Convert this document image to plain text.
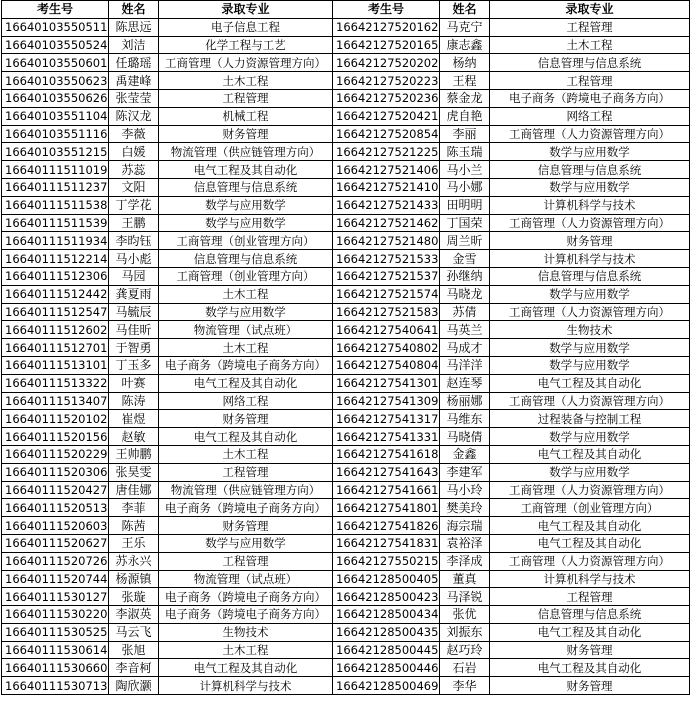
考生号	姓名	录取专业	考生号	姓名	录取专业
16640103550511	陈思远	电子信息工程	16642127520162	马克宁	工程管理
16640103550524	刘洁	化学工程与工艺	16642127520165	康志鑫	土木工程
16640103550601	任璐瑶	工商管理（人力资源管理方向）	16642127520202	杨纳	信息管理与信息系统
16640103550623	禹建峰	土木工程	16642127520223	王程	工程管理
16640103550626	张莹莹	工程管理	16642127520236	蔡金龙	电子商务（跨境电子商务方向）
16640103551104	陈汉龙	机械工程	16642127520421	虎自艳	网络工程
16640103551116	李薇	财务管理	16642127520854	李丽	工商管理（人力资源管理方向）
16640103551215	白媛	物流管理（供应链管理方向）	16642127521225	陈玉瑞	数学与应用数学
16640111511019	苏蕊	电气工程及其自动化	16642127521406	马小兰	信息管理与信息系统
16640111511237	文阳	信息管理与信息系统	16642127521410	马小娜	数学与应用数学
16640111511538	丁学花	数学与应用数学	16642127521433	田明明	计算机科学与技术
16640111511539	王鹏	数学与应用数学	16642127521462	丁国荣	工商管理（人力资源管理方向）
16640111511934	李昀钰	工商管理（创业管理方向）	16642127521480	周兰昕	财务管理
16640111512214	马小彪	信息管理与信息系统	16642127521533	金雪	计算机科学与技术
16640111512306	马园	工商管理（创业管理方向）	16642127521537	孙继纳	信息管理与信息系统
16640111512442	龚夏雨	土木工程	16642127521574	马晓龙	数学与应用数学
16640111512547	马毓辰	数学与应用数学	16642127521583	苏倩	工商管理（人力资源管理方向）
16640111512602	马佳昕	物流管理（试点班）	16642127540641	马英兰	生物技术
16640111512701	于智勇	土木工程	16642127540802	马成才	数学与应用数学
16640111513101	丁玉多	电子商务（跨境电子商务方向）	16642127540804	马洋洋	数学与应用数学
16640111513322	叶赛	电气工程及其自动化	16642127541301	赵连琴	电气工程及其自动化
16640111513407	陈涛	网络工程	16642127541309	杨丽娜	工商管理（人力资源管理方向）
16640111520102	崔煜	财务管理	16642127541317	马维东	过程装备与控制工程
16640111520156	赵敏	电气工程及其自动化	16642127541331	马晓倩	数学与应用数学
16640111520229	王帅鹏	土木工程	16642127541618	金鑫	电气工程及其自动化
16640111520306	张昊雯	工程管理	16642127541643	李建军	数学与应用数学
16640111520427	唐佳娜	物流管理（供应链管理方向）	16642127541661	马小玲	工商管理（人力资源管理方向）
16640111520513	李菲	电子商务（跨境电子商务方向）	16642127541801	樊美玲	工商管理（创业管理方向）
16640111520603	陈茜	财务管理	16642127541826	海宗瑞	电气工程及其自动化
16640111520627	王乐	数学与应用数学	16642127541831	袁裕泽	电气工程及其自动化
16640111520726	苏永兴	工程管理	16642127550215	李泽成	工商管理（人力资源管理方向）
16640111520744	杨源镇	物流管理（试点班）	16642128500405	董真	计算机科学与技术
16640111530127	张璇	电子商务（跨境电子商务方向）	16642128500423	马泽锐	工程管理
16640111530220	李淑英	电子商务（跨境电子商务方向）	16642128500434	张优	信息管理与信息系统
16640111530525	马云飞	生物技术	16642128500435	刘振东	电气工程及其自动化
16640111530614	张旭	土木工程	16642128500445	赵巧玲	财务管理
16640111530660	李音柯	电气工程及其自动化	16642128500446	石岩	电气工程及其自动化
16640111530713	陶欣灏	计算机科学与技术	16642128500469	李华	财务管理
